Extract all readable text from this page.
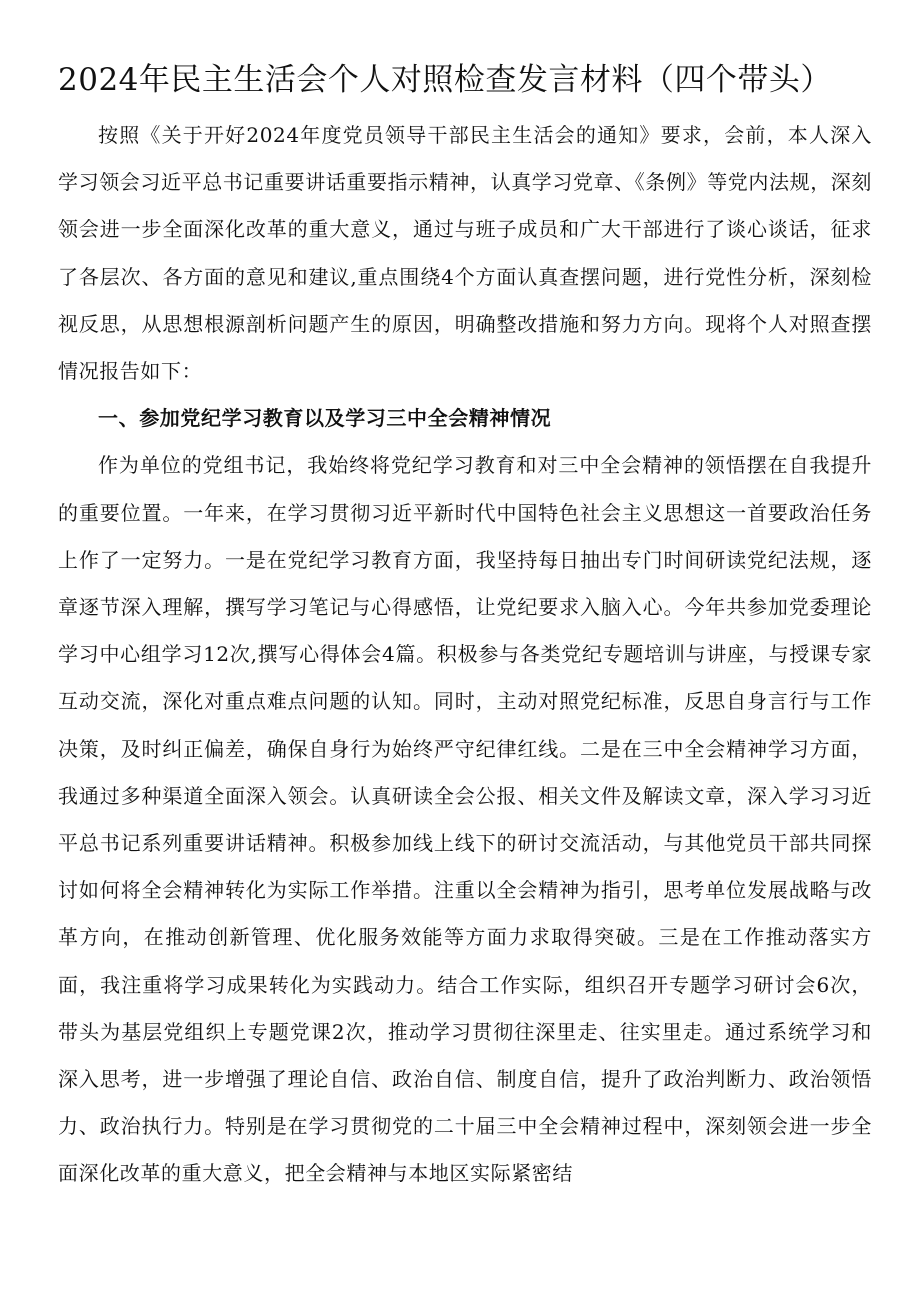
2024年民主生活会个人对照检查发言材料（四个带头）

按照《关于开好2024年度党员领导干部民主生活会的通知》要求，会前，本人深入学习领会习近平总书记重要讲话重要指示精神，认真学习党章、《条例》等党内法规，深刻领会进一步全面深化改革的重大意义，通过与班子成员和广大干部进行了谈心谈话，征求了各层次、各方面的意见和建议,重点围绕4个方面认真查摆问题，进行党性分析，深刻检视反思，从思想根源剖析问题产生的原因，明确整改措施和努力方向。现将个人对照查摆情况报告如下：

一、参加党纪学习教育以及学习三中全会精神情况

作为单位的党组书记，我始终将党纪学习教育和对三中全会精神的领悟摆在自我提升的重要位置。一年来，在学习贯彻习近平新时代中国特色社会主义思想这一首要政治任务上作了一定努力。一是在党纪学习教育方面，我坚持每日抽出专门时间研读党纪法规，逐章逐节深入理解，撰写学习笔记与心得感悟，让党纪要求入脑入心。今年共参加党委理论学习中心组学习12次,撰写心得体会4篇。积极参与各类党纪专题培训与讲座，与授课专家互动交流，深化对重点难点问题的认知。同时，主动对照党纪标准，反思自身言行与工作决策，及时纠正偏差，确保自身行为始终严守纪律红线。二是在三中全会精神学习方面，我通过多种渠道全面深入领会。认真研读全会公报、相关文件及解读文章，深入学习习近平总书记系列重要讲话精神。积极参加线上线下的研讨交流活动，与其他党员干部共同探讨如何将全会精神转化为实际工作举措。注重以全会精神为指引，思考单位发展战略与改革方向，在推动创新管理、优化服务效能等方面力求取得突破。三是在工作推动落实方面，我注重将学习成果转化为实践动力。结合工作实际，组织召开专题学习研讨会6次，带头为基层党组织上专题党课2次，推动学习贯彻往深里走、往实里走。通过系统学习和深入思考，进一步增强了理论自信、政治自信、制度自信，提升了政治判断力、政治领悟力、政治执行力。特别是在学习贯彻党的二十届三中全会精神过程中，深刻领会进一步全面深化改革的重大意义，把全会精神与本地区实际紧密结
